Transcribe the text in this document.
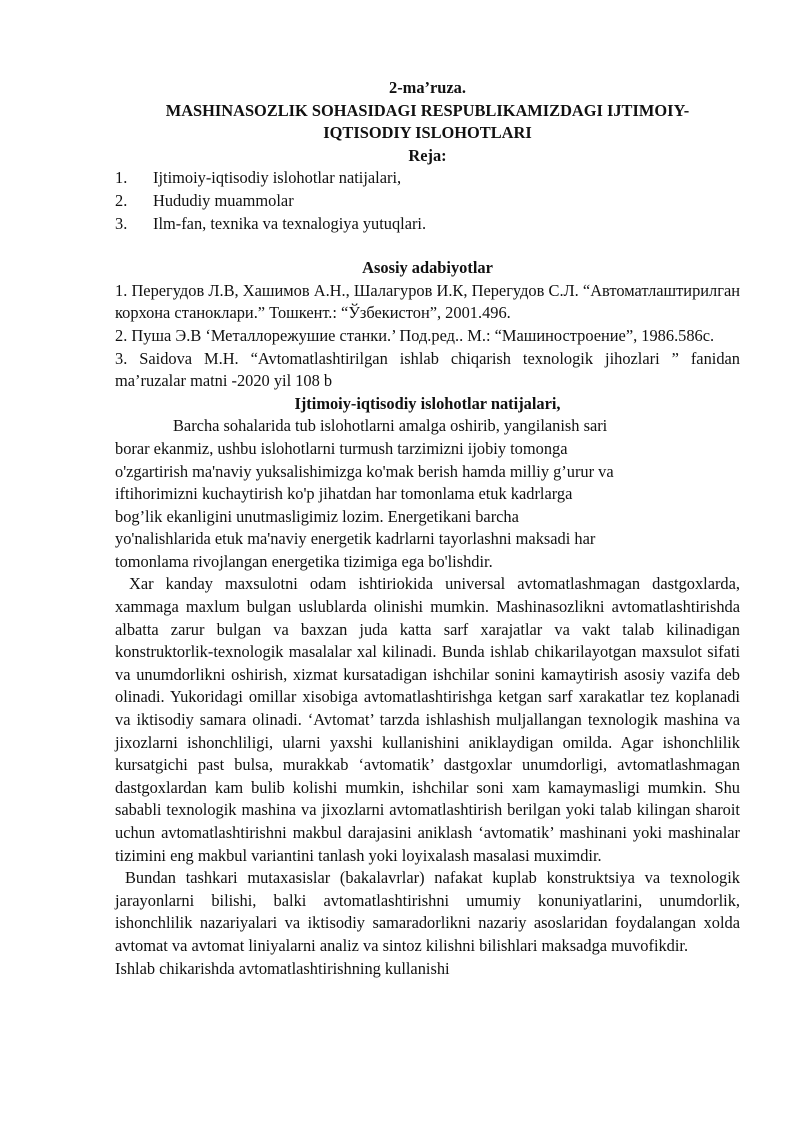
2-ma’ruza.
MASHINASOZLIK SOHASIDAGI RESPUBLIKAMIZDAGI IJTIMOIY-
IQTISODIY ISLOHOTLARI
Reja:
1.	Ijtimoiy-iqtisodiy islohotlar natijalari,
2.	Hududiy muammolar
3.	Ilm-fan, texnika va texnalogiya yutuqlari.
Asosiy adabiyotlar

1. Перегудов Л.В, Хашимов А.Н., Шалагуров И.К, Перегудов С.Л. “Автоматлаштирилган корхона станоклари.” Тошкент.: “Ўзбекистон”, 2001.496.

2. Пуша Э.В ‘Металлорежушие станки.’ Под.ред.. М.: “Машиностроение”, 1986.586с.

3. Saidova M.H. “Avtomatlashtirilgan ishlab chiqarish texnologik jihozlari ” fanidan ma’ruzalar matni -2020 yil 108 b

Ijtimoiy-iqtisodiy islohotlar natijalari,
Barcha sohalarida tub islohotlarni amalga oshirib, yangilanish sari
borar ekanmiz, ushbu islohotlarni turmush tarzimizni ijobiy tomonga
o'zgartirish ma'naviy yuksalishimizga ko'mak berish hamda milliy g’urur va
iftihorimizni kuchaytirish ko'p jihatdan har tomonlama etuk kadrlarga
bog’lik ekanligini unutmasligimiz lozim. Energetikani barcha
yo'nalishlarida etuk ma'naviy energetik kadrlarni tayorlashni maksadi har
tomonlama rivojlangan energetika tizimiga ega bo'lishdir.

Xar kanday maxsulotni odam ishtiriokida universal avtomatlashmagan dastgoxlarda, xammaga maxlum bulgan uslublarda olinishi mumkin. Mashinasozlikni avtomatlashtirishda albatta zarur bulgan va baxzan juda katta sarf xarajatlar va vakt talab kilinadigan konstruktorlik-texnologik masalalar xal kilinadi. Bunda ishlab chikarilayotgan maxsulot sifati va unumdorlikni oshirish, xizmat kursatadigan ishchilar sonini kamaytirish asosiy vazifa deb olinadi. Yukoridagi omillar xisobiga avtomatlashtirishga ketgan sarf xarakatlar tez koplanadi va iktisodiy samara olinadi. ‘Avtomat’ tarzda ishlashish muljallangan texnologik mashina va jixozlarni ishonchliligi, ularni yaxshi kullanishini aniklaydigan omilda. Agar ishonchlilik kursatgichi past bulsa, murakkab ‘avtomatik’ dastgoxlar unumdorligi, avtomatlashmagan dastgoxlardan kam bulib kolishi mumkin, ishchilar soni xam kamaymasligi mumkin. Shu sababli texnologik mashina va jixozlarni avtomatlashtirish berilgan yoki talab kilingan sharoit uchun avtomatlashtirishni makbul darajasini aniklash ‘avtomatik’ mashinani yoki mashinalar tizimini eng makbul variantini tanlash yoki loyixalash masalasi muximdir.

Bundan tashkari mutaxasislar (bakalavrlar) nafakat kuplab konstruktsiya va texnologik jarayonlarni bilishi, balki avtomatlashtirishni umumiy konuniyatlarini, unumdorlik, ishonchlilik nazariyalari va iktisodiy samaradorlikni nazariy asoslaridan foydalangan xolda avtomat va avtomat liniyalarni analiz va sintoz kilishni bilishlari maksadga muvofikdir.

Ishlab chikarishda avtomatlashtirishning kullanishi
